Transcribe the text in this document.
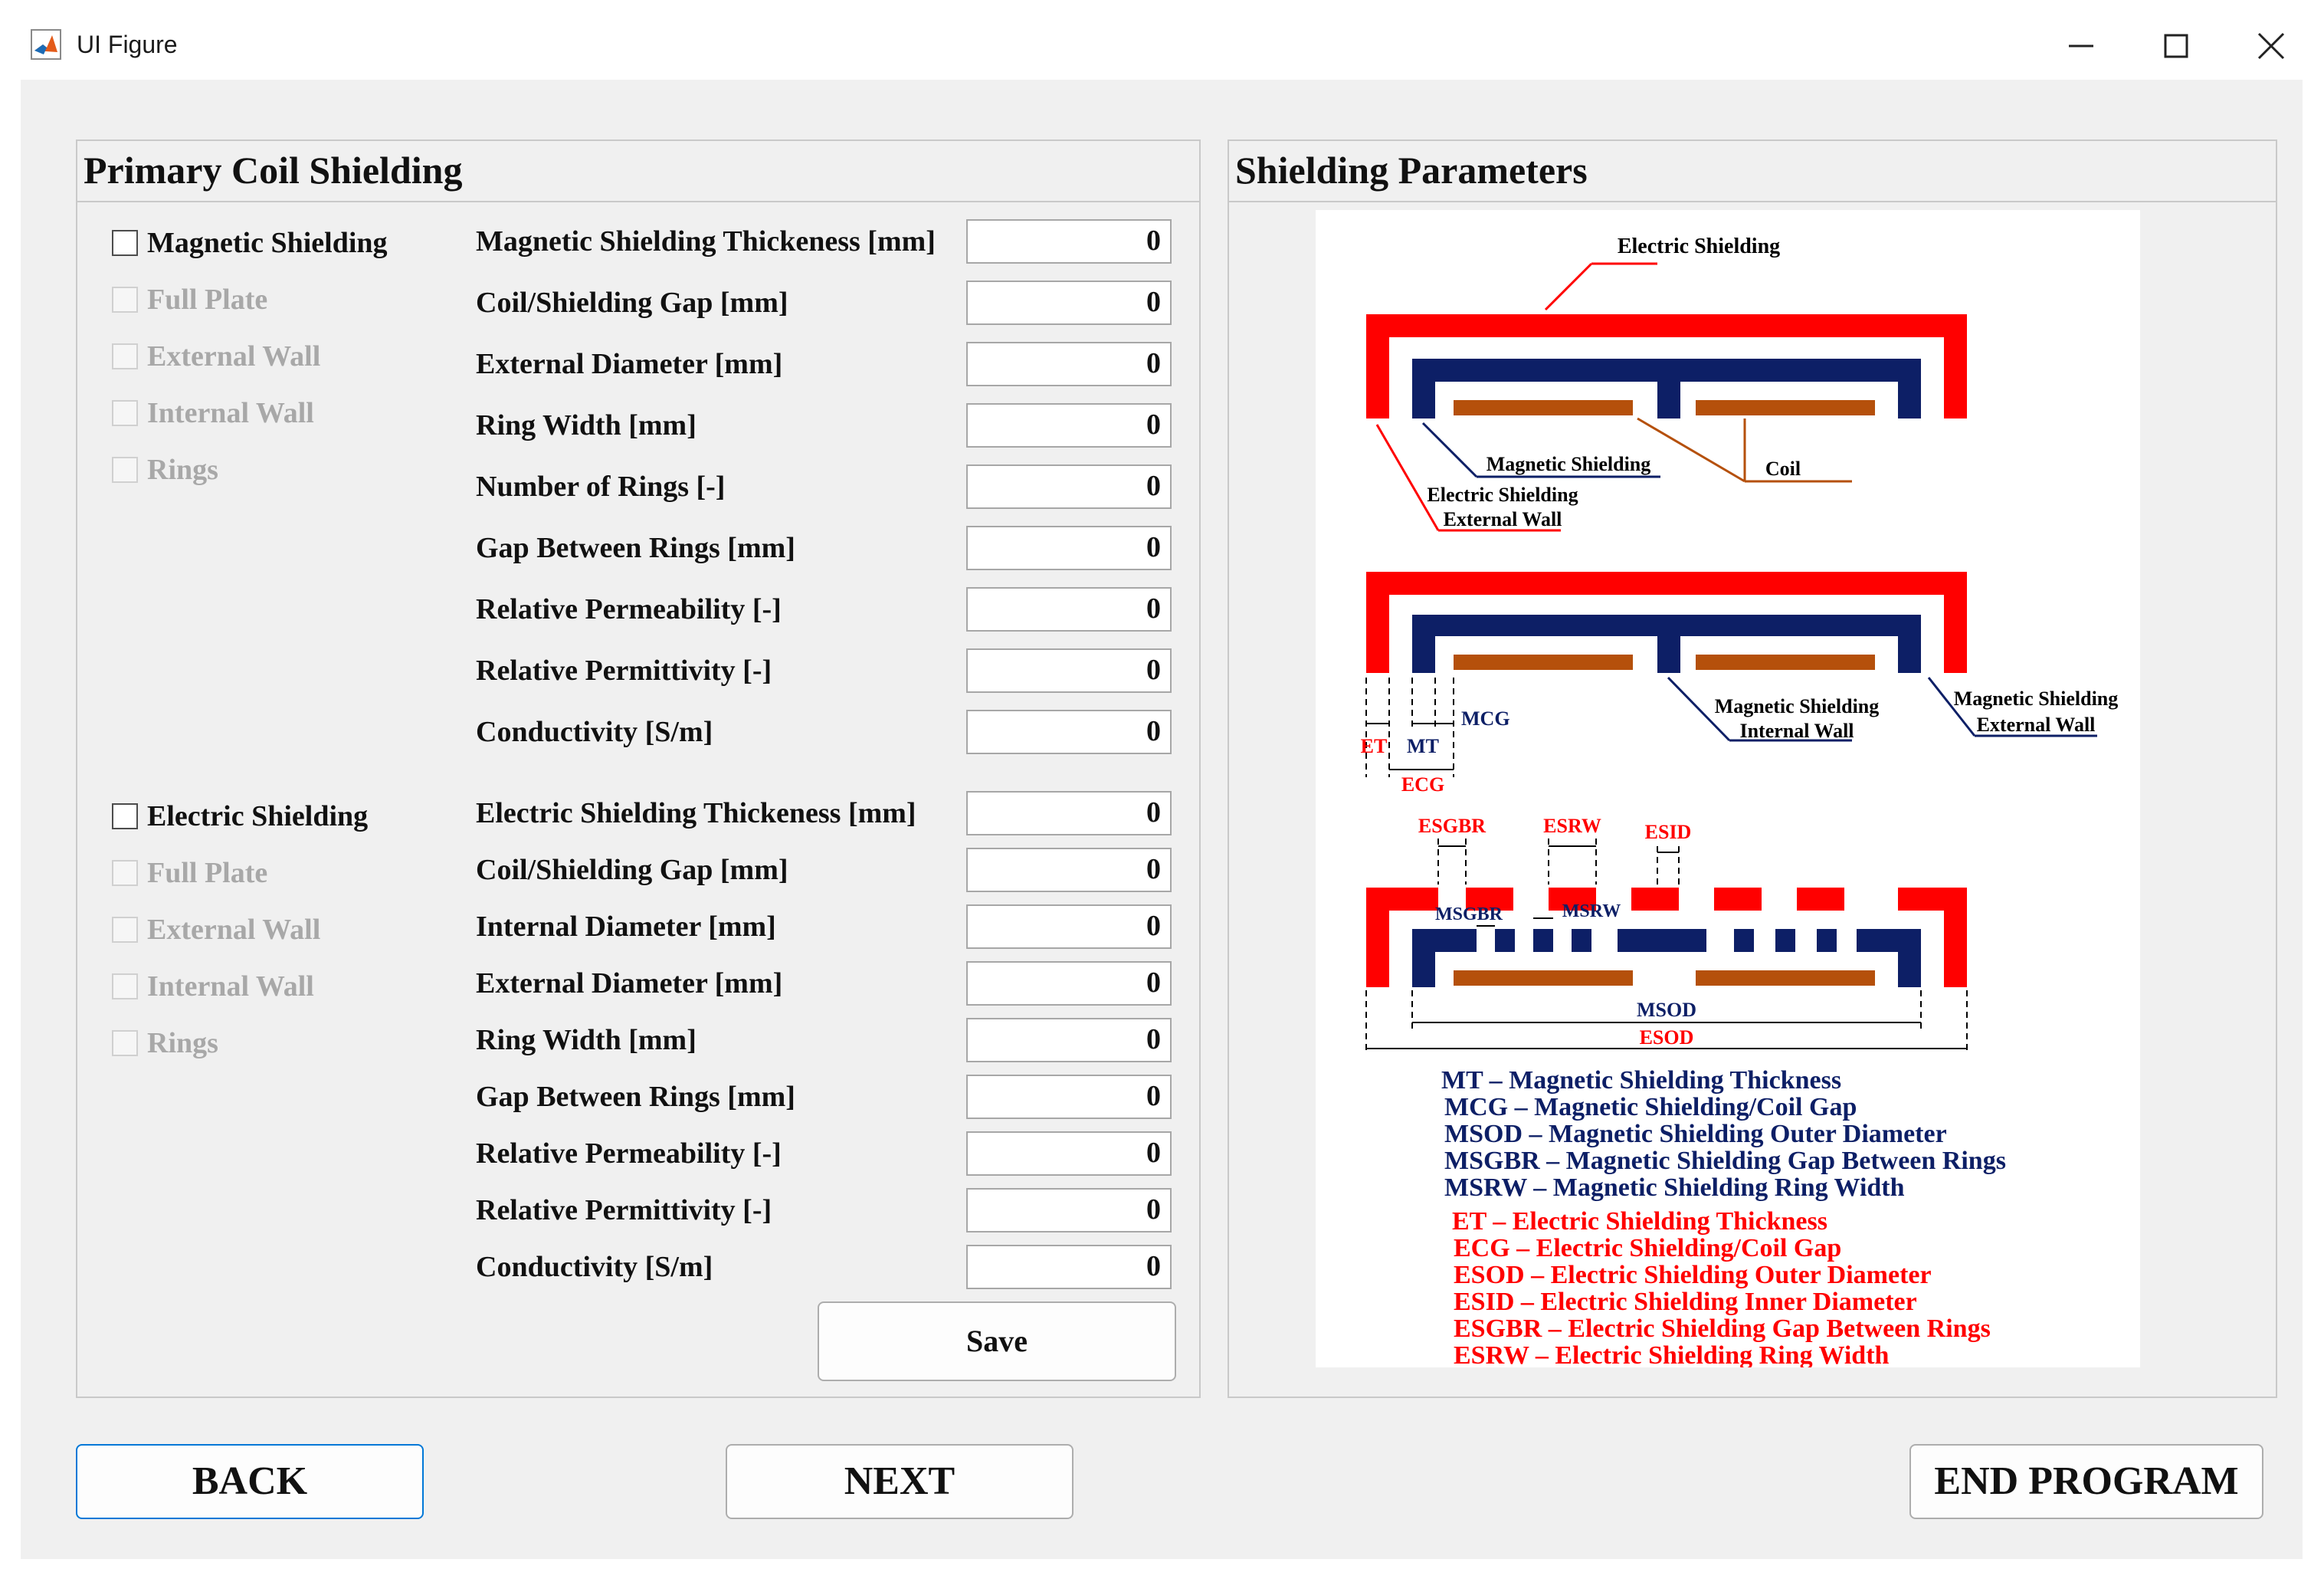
UI Figure
Primary Coil Shielding
Magnetic Shielding
Full Plate
External Wall
Internal Wall
Rings
Magnetic Shielding Thickeness [mm]	0
Coil/Shielding Gap [mm]	0
External Diameter [mm]	0
Ring Width [mm]	0
Number of Rings [-]	0
Gap Between Rings [mm]	0
Relative Permeability [-]	0
Relative Permittivity [-]	0
Conductivity [S/m]	0
Electric Shielding
Full Plate
External Wall
Internal Wall
Rings
Electric Shielding Thickeness [mm]	0
Coil/Shielding Gap [mm]	0
Internal Diameter [mm]	0
External Diameter [mm]	0
Ring Width [mm]	0
Gap Between Rings [mm]	0
Relative Permeability [-]	0
Relative Permittivity [-]	0
Conductivity [S/m]	0
Save
Shielding Parameters
Electric Shielding
Magnetic Shielding	Coil
Electric Shielding
External Wall
MCG
ET MT
ECG
Magnetic Shielding
Internal Wall
Magnetic Shielding
External Wall
ESGBR	ESRW ESID
MSGBR	MSRW
MSOD
ESOD
MT – Magnetic Shielding Thickness
MCG – Magnetic Shielding/Coil Gap
MSOD – Magnetic Shielding Outer Diameter
MSGBR – Magnetic Shielding Gap Between Rings
MSRW – Magnetic Shielding Ring Width
ET – Electric Shielding Thickness
ECG – Electric Shielding/Coil Gap
ESOD – Electric Shielding Outer Diameter
ESID – Electric Shielding Inner Diameter
ESGBR – Electric Shielding Gap Between Rings
ESRW – Electric Shielding Ring Width
BACK	NEXT	END PROGRAM
